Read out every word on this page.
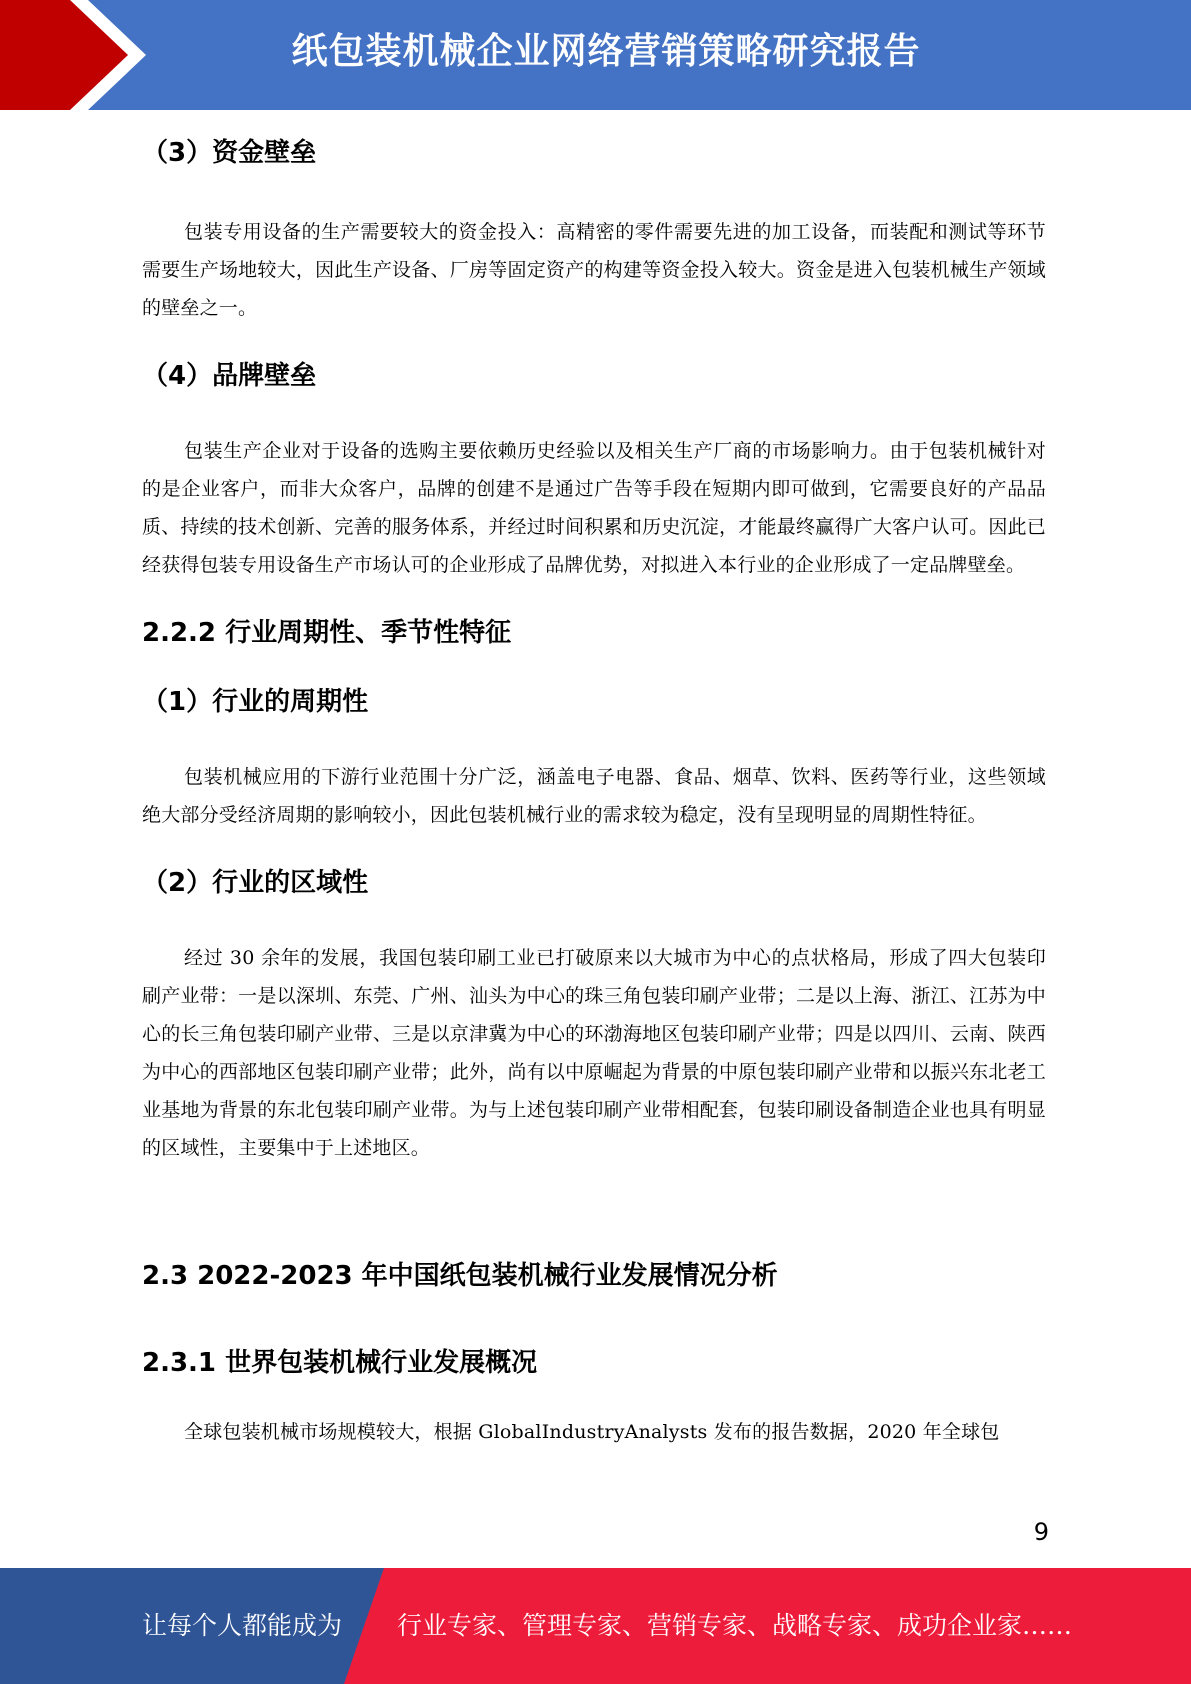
纸包装机械企业网络营销策略研究报告
（3）资金壁垒

包装专用设备的生产需要较大的资金投入：高精密的零件需要先进的加工设备，而装配和测试等环节需要生产场地较大，因此生产设备、厂房等固定资产的构建等资金投入较大。资金是进入包装机械生产领域的壁垒之一。

（4）品牌壁垒

包装生产企业对于设备的选购主要依赖历史经验以及相关生产厂商的市场影响力。由于包装机械针对的是企业客户，而非大众客户，品牌的创建不是通过广告等手段在短期内即可做到，它需要良好的产品品质、持续的技术创新、完善的服务体系，并经过时间积累和历史沉淀，才能最终赢得广大客户认可。因此已经获得包装专用设备生产市场认可的企业形成了品牌优势，对拟进入本行业的企业形成了一定品牌壁垒。

2.2.2 行业周期性、季节性特征
（1）行业的周期性

包装机械应用的下游行业范围十分广泛，涵盖电子电器、食品、烟草、饮料、医药等行业，这些领域绝大部分受经济周期的影响较小，因此包装机械行业的需求较为稳定，没有呈现明显的周期性特征。

（2）行业的区域性

经过 30 余年的发展，我国包装印刷工业已打破原来以大城市为中心的点状格局，形成了四大包装印刷产业带：一是以深圳、东莞、广州、汕头为中心的珠三角包装印刷产业带；二是以上海、浙江、江苏为中心的长三角包装印刷产业带、三是以京津冀为中心的环渤海地区包装印刷产业带；四是以四川、云南、陕西为中心的西部地区包装印刷产业带；此外，尚有以中原崛起为背景的中原包装印刷产业带和以振兴东北老工业基地为背景的东北包装印刷产业带。为与上述包装印刷产业带相配套，包装印刷设备制造企业也具有明显的区域性，主要集中于上述地区。

2.3 2022-2023 年中国纸包装机械行业发展情况分析
2.3.1 世界包装机械行业发展概况

全球包装机械市场规模较大，根据 GlobalIndustryAnalysts 发布的报告数据，2020 年全球包

9
让每个人都能成为 行业专家、管理专家、营销专家、战略专家、成功企业家……
